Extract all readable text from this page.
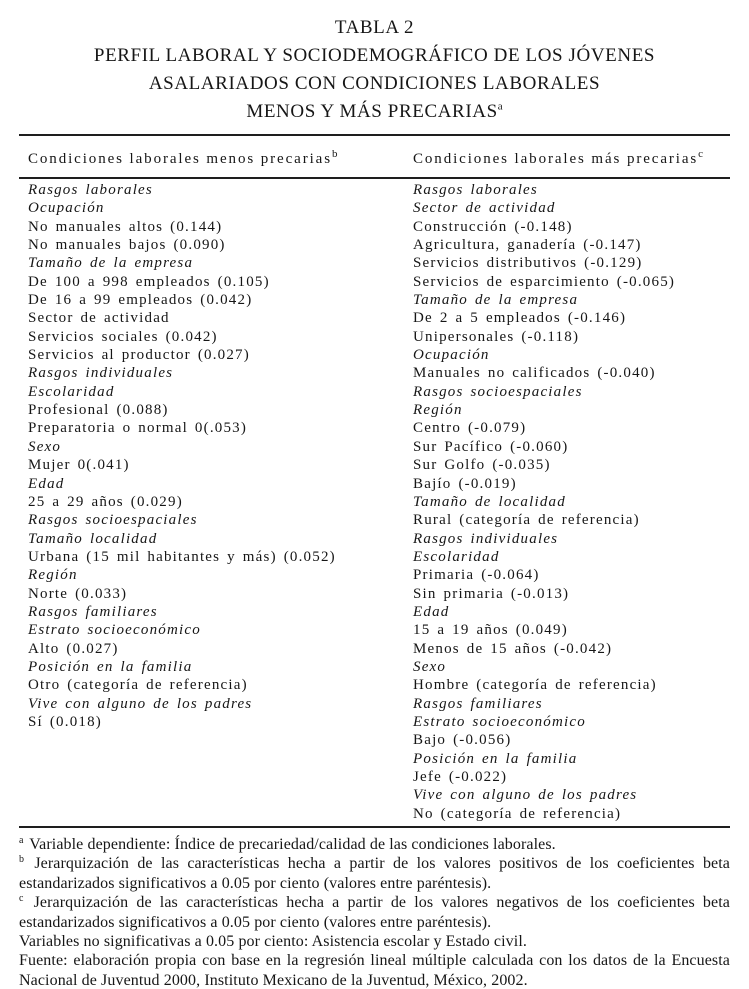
TABLA 2
PERFIL LABORAL Y SOCIODEMOGRÁFICO DE LOS JÓVENES
ASALARIADOS CON CONDICIONES LABORALES
MENOS Y MÁS PRECARIAS$^a$
Condiciones laborales menos precarias$^b$	Condiciones laborales más precarias$^c$
Rasgos laborales
Ocupación
No manuales altos (0.144)
No manuales bajos (0.090)
Tamaño de la empresa
De 100 a 998 empleados (0.105)
De 16 a 99 empleados (0.042)
Sector de actividad
Servicios sociales (0.042)
Servicios al productor (0.027)
Rasgos individuales
Escolaridad
Profesional (0.088)
Preparatoria o normal 0(.053)
Sexo
Mujer 0(.041)
Edad
25 a 29 años (0.029)
Rasgos socioespaciales
Tamaño localidad
Urbana (15 mil habitantes y más) (0.052)
Región
Norte (0.033)
Rasgos familiares
Estrato socioeconómico
Alto (0.027)
Posición en la familia
Otro (categoría de referencia)
Vive con alguno de los padres
Sí (0.018)
Rasgos laborales
Sector de actividad
Construcción (-0.148)
Agricultura, ganadería (-0.147)
Servicios distributivos (-0.129)
Servicios de esparcimiento (-0.065)
Tamaño de la empresa
De 2 a 5 empleados (-0.146)
Unipersonales (-0.118)
Ocupación
Manuales no calificados (-0.040)
Rasgos socioespaciales
Región
Centro (-0.079)
Sur Pacífico (-0.060)
Sur Golfo (-0.035)
Bajío (-0.019)
Tamaño de localidad
Rural (categoría de referencia)
Rasgos individuales
Escolaridad
Primaria (-0.064)
Sin primaria (-0.013)
Edad
15 a 19 años (0.049)
Menos de 15 años (-0.042)
Sexo
Hombre (categoría de referencia)
Rasgos familiares
Estrato socioeconómico
Bajo (-0.056)
Posición en la familia
Jefe (-0.022)
Vive con alguno de los padres
No (categoría de referencia)
$^a$ Variable dependiente: Índice de precariedad/calidad de las condiciones laborales.
$^b$ Jerarquización de las características hecha a partir de los valores positivos de los coeficientes beta estandarizados significativos a 0.05 por ciento (valores entre paréntesis).
$^c$ Jerarquización de las características hecha a partir de los valores negativos de los coeficientes beta estandarizados significativos a 0.05 por ciento (valores entre paréntesis).
Variables no significativas a 0.05 por ciento: Asistencia escolar y Estado civil.
Fuente: elaboración propia con base en la regresión lineal múltiple calculada con los datos de la Encuesta Nacional de Juventud 2000, Instituto Mexicano de la Juventud, México, 2002.
